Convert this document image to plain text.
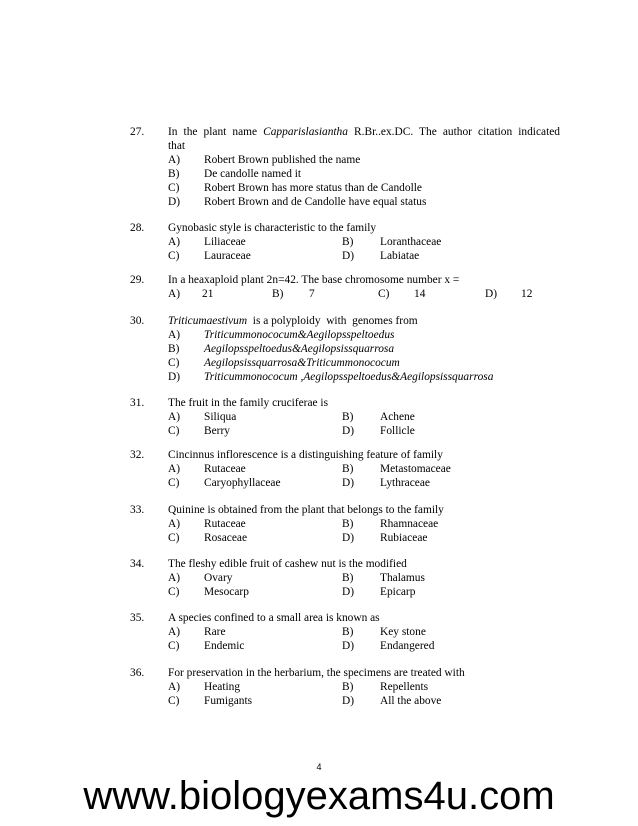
27. In the plant name Capparislasiantha R.Br..ex.DC. The author citation indicated
that
A) Robert Brown published the name
B) De candolle named it
C) Robert Brown has more status than de Candolle
D) Robert Brown and de Candolle have equal status
28. Gynobasic style is characteristic to the family
A) Liliaceae	B) Loranthaceae
C) Lauraceae	D) Labiatae
29. In a heaxaploid plant 2n=42. The base chromosome number x =
A) 21	B) 7	C) 14	D) 12
30. Triticumaestivum  is a polyploidy  with  genomes from
A) Triticummonococum&Aegilopsspeltoedus
B) Aegilopsspeltoedus&Aegilopsissquarrosa
C) Aegilopsissquarrosa&Triticummonococum
D) Triticummonococum ,Aegilopsspeltoedus&Aegilopsissquarrosa
31. The fruit in the family cruciferae is
A) Siliqua	B) Achene
C) Berry	D) Follicle
32. Cincinnus inflorescence is a distinguishing feature of family
A) Rutaceae	B) Metastomaceae
C) Caryophyllaceae	D) Lythraceae
33. Quinine is obtained from the plant that belongs to the family
A) Rutaceae	B) Rhamnaceae
C) Rosaceae	D) Rubiaceae
34. The fleshy edible fruit of cashew nut is the modified
A) Ovary	B) Thalamus
C) Mesocarp	D) Epicarp
35. A species confined to a small area is known as
A) Rare	B) Key stone
C) Endemic	D) Endangered
36. For preservation in the herbarium, the specimens are treated with
A) Heating	B) Repellents
C) Fumigants	D) All the above
4
www.biologyexams4u.com
